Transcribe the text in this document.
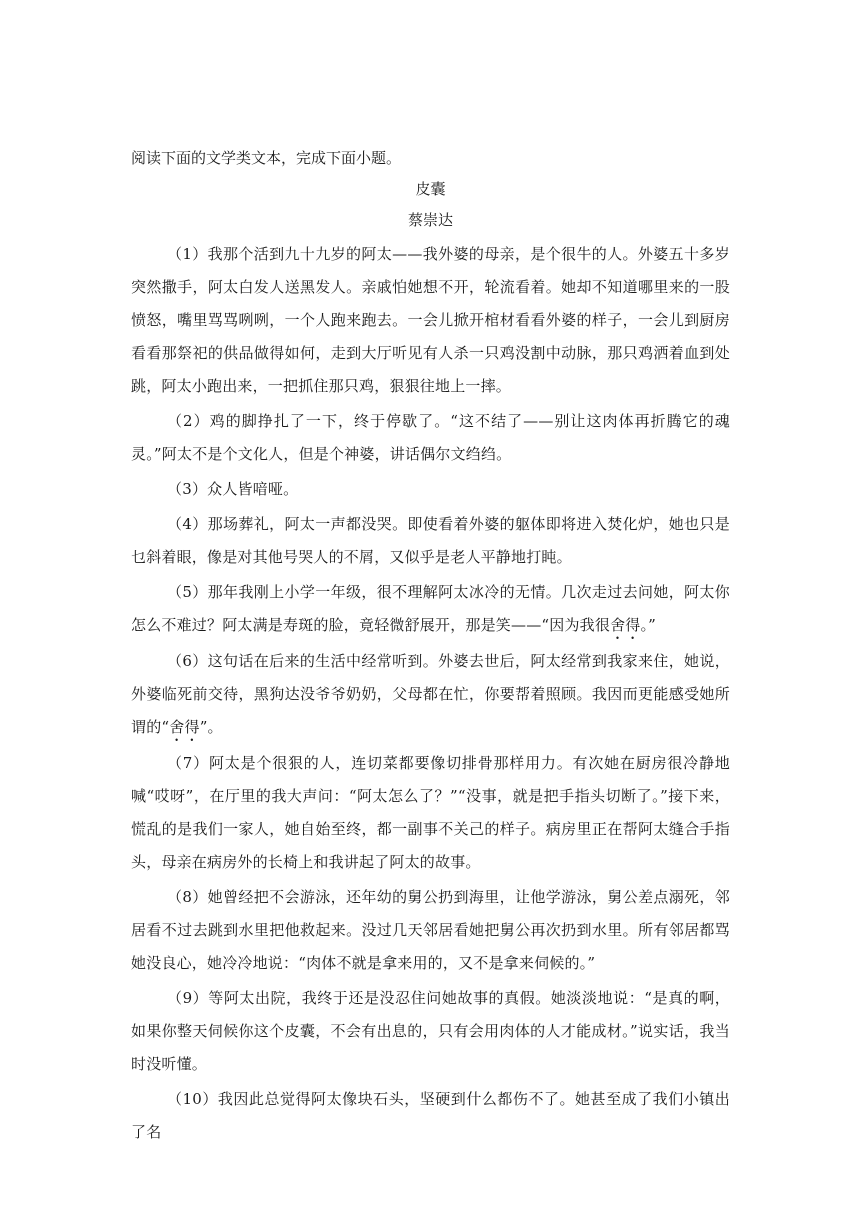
阅读下面的文学类文本，完成下面小题。

皮囊

蔡崇达

（1）我那个活到九十九岁的阿太——我外婆的母亲，是个很牛的人。外婆五十多岁突然撒手，阿太白发人送黑发人。亲戚怕她想不开，轮流看着。她却不知道哪里来的一股愤怒，嘴里骂骂咧咧，一个人跑来跑去。一会儿掀开棺材看看外婆的样子，一会儿到厨房看看那祭祀的供品做得如何，走到大厅听见有人杀一只鸡没割中动脉，那只鸡洒着血到处跳，阿太小跑出来，一把抓住那只鸡，狠狠往地上一摔。

（2）鸡的脚挣扎了一下，终于停歇了。“这不结了——别让这肉体再折腾它的魂灵。”阿太不是个文化人，但是个神婆，讲话偶尔文绉绉。

（3）众人皆喑哑。

（4）那场葬礼，阿太一声都没哭。即使看着外婆的躯体即将进入焚化炉，她也只是乜斜着眼，像是对其他号哭人的不屑，又似乎是老人平静地打盹。

（5）那年我刚上小学一年级，很不理解阿太冰冷的无情。几次走过去问她，阿太你怎么不难过？阿太满是寿斑的脸，竟轻微舒展开，那是笑——“因为我很舍得。”

（6）这句话在后来的生活中经常听到。外婆去世后，阿太经常到我家来住，她说，外婆临死前交待，黑狗达没爷爷奶奶，父母都在忙，你要帮着照顾。我因而更能感受她所谓的“舍得”。

（7）阿太是个很狠的人，连切菜都要像切排骨那样用力。有次她在厨房很冷静地喊“哎呀”，在厅里的我大声问：“阿太怎么了？”“没事，就是把手指头切断了。”接下来，慌乱的是我们一家人，她自始至终，都一副事不关己的样子。病房里正在帮阿太缝合手指头，母亲在病房外的长椅上和我讲起了阿太的故事。

（8）她曾经把不会游泳，还年幼的舅公扔到海里，让他学游泳，舅公差点溺死，邻居看不过去跳到水里把他救起来。没过几天邻居看她把舅公再次扔到水里。所有邻居都骂她没良心，她冷冷地说：“肉体不就是拿来用的，又不是拿来伺候的。”

（9）等阿太出院，我终于还是没忍住问她故事的真假。她淡淡地说：“是真的啊，如果你整天伺候你这个皮囊，不会有出息的，只有会用肉体的人才能成材。”说实话，我当时没听懂。

（10）我因此总觉得阿太像块石头，坚硬到什么都伤不了。她甚至成了我们小镇出了名
